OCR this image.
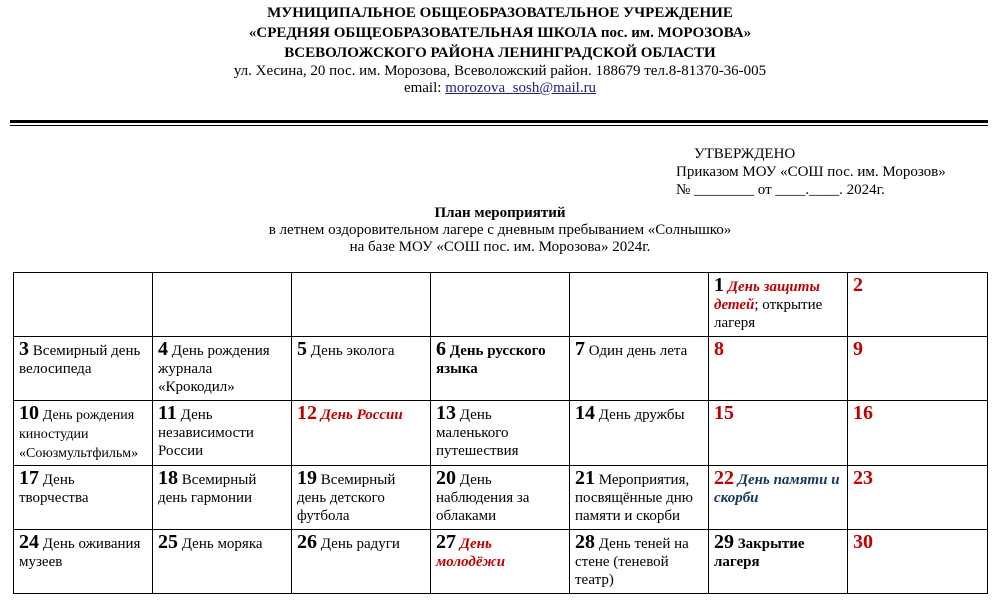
МУНИЦИПАЛЬНОЕ ОБЩЕОБРАЗОВАТЕЛЬНОЕ УЧРЕЖДЕНИЕ
«СРЕДНЯЯ ОБЩЕОБРАЗОВАТЕЛЬНАЯ ШКОЛА пос. им. МОРОЗОВА»
ВСЕВОЛОЖСКОГО РАЙОНА ЛЕНИНГРАДСКОЙ ОБЛАСТИ
ул. Хесина, 20 пос. им. Морозова, Всеволожский район. 188679 тел.8-81370-36-005
email: morozova_sosh@mail.ru
УТВЕРЖДЕНО
Приказом МОУ «СОШ пос. им. Морозов»
№ ________ от ____.____. 2024г.
План мероприятий
в летнем оздоровительном лагере с дневным пребыванием «Солнышко»
на базе МОУ «СОШ пос. им. Морозова» 2024г.
					1 День защиты детей; открытие лагеря	2
3 Всемирный день велосипеда	4 День рождения журнала «Крокодил»	5 День эколога	6 День русского языка	7 Один день лета	8	9
10 День рождения киностудии «Союзмультфильм»	11 День независимости России	12 День России	13 День маленького путешествия	14 День дружбы	15	16
17 День творчества	18 Всемирный день гармонии	19 Всемирный день детского футбола	20 День наблюдения за облаками	21 Мероприятия, посвящённые дню памяти и скорби	22 День памяти и скорби	23
24 День оживания музеев	25 День моряка	26 День радуги	27 День молодёжи	28 День теней на стене (теневой театр)	29 Закрытие лагеря	30
